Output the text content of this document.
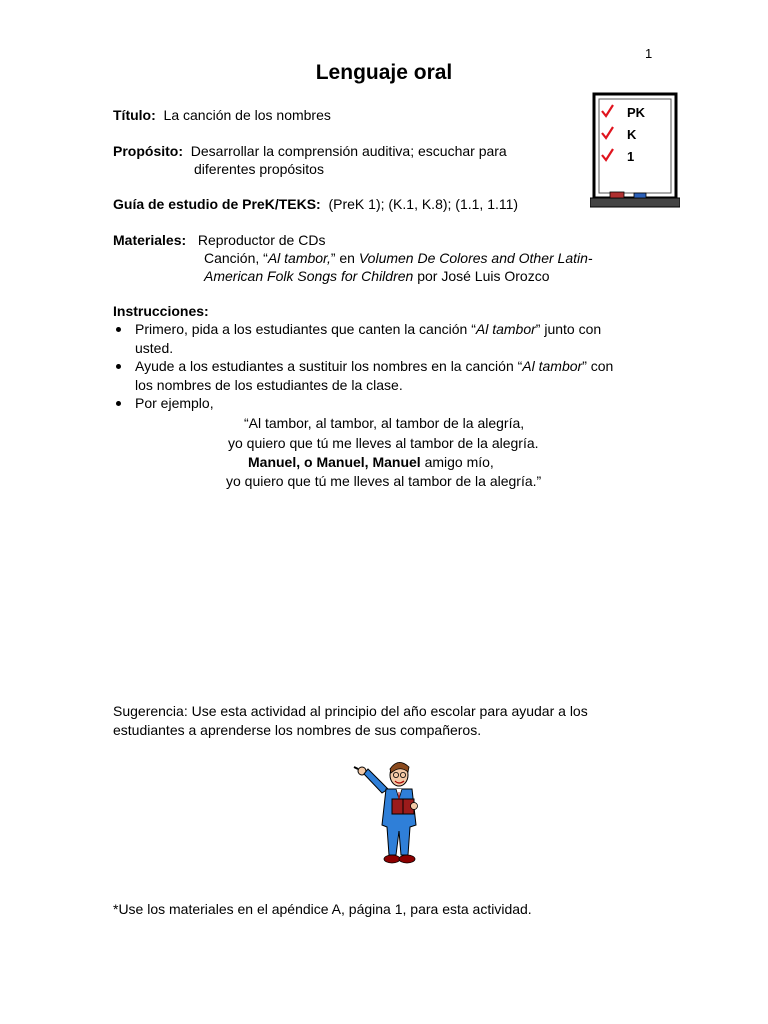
1
Lenguaje oral
Título: La canción de los nombres
Propósito: Desarrollar la comprensión auditiva; escuchar para
diferentes propósitos
Guía de estudio de PreK/TEKS: (PreK 1); (K.1, K.8); (1.1, 1.11)
Materiales: Reproductor de CDs
Canción, “Al tambor,” en Volumen De Colores and Other Latin-
American Folk Songs for Children por José Luis Orozco
Instrucciones:
Primero, pida a los estudiantes que canten la canción “Al tambor” junto con
usted.
Ayude a los estudiantes a sustituir los nombres en la canción “Al tambor” con
los nombres de los estudiantes de la clase.
Por ejemplo,
“Al tambor, al tambor, al tambor de la alegría,
yo quiero que tú me lleves al tambor de la alegría.
Manuel, o Manuel, Manuel amigo mío,
yo quiero que tú me lleves al tambor de la alegría.”
Sugerencia: Use esta actividad al principio del año escolar para ayudar a los
estudiantes a aprenderse los nombres de sus compañeros.
*Use los materiales en el apéndice A, página 1, para esta actividad.
PK
K
1
